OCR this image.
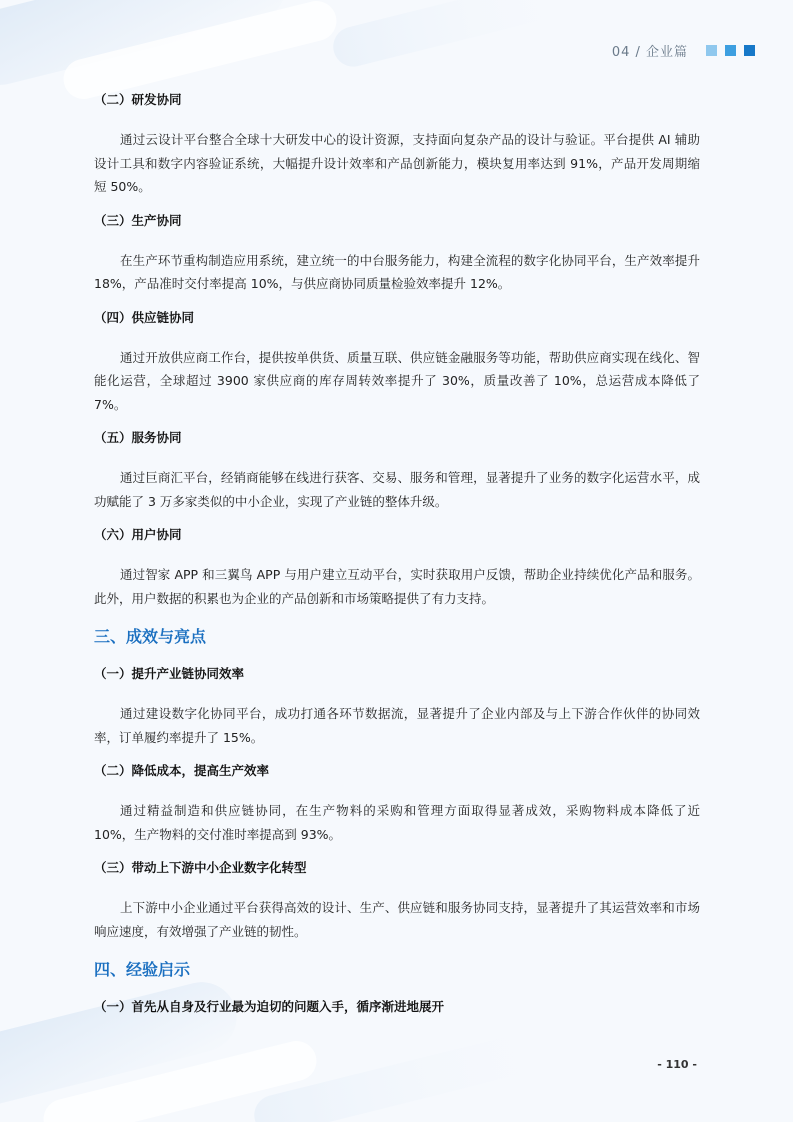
04 / 企业篇

（二）研发协同

通过云设计平台整合全球十大研发中心的设计资源，支持面向复杂产品的设计与验证。平台提供 AI 辅助设计工具和数字内容验证系统，大幅提升设计效率和产品创新能力，模块复用率达到 91%，产品开发周期缩短 50%。

（三）生产协同

在生产环节重构制造应用系统，建立统一的中台服务能力，构建全流程的数字化协同平台，生产效率提升 18%，产品准时交付率提高 10%，与供应商协同质量检验效率提升 12%。

（四）供应链协同

通过开放供应商工作台，提供按单供货、质量互联、供应链金融服务等功能，帮助供应商实现在线化、智能化运营，全球超过 3900 家供应商的库存周转效率提升了 30%，质量改善了 10%，总运营成本降低了 7%。

（五）服务协同

通过巨商汇平台，经销商能够在线进行获客、交易、服务和管理，显著提升了业务的数字化运营水平，成功赋能了 3 万多家类似的中小企业，实现了产业链的整体升级。

（六）用户协同

通过智家 APP 和三翼鸟 APP 与用户建立互动平台，实时获取用户反馈，帮助企业持续优化产品和服务。此外，用户数据的积累也为企业的产品创新和市场策略提供了有力支持。

三、成效与亮点

（一）提升产业链协同效率

通过建设数字化协同平台，成功打通各环节数据流，显著提升了企业内部及与上下游合作伙伴的协同效率，订单履约率提升了 15%。

（二）降低成本，提高生产效率

通过精益制造和供应链协同，在生产物料的采购和管理方面取得显著成效，采购物料成本降低了近 10%，生产物料的交付准时率提高到 93%。

（三）带动上下游中小企业数字化转型

上下游中小企业通过平台获得高效的设计、生产、供应链和服务协同支持，显著提升了其运营效率和市场响应速度，有效增强了产业链的韧性。

四、经验启示

（一）首先从自身及行业最为迫切的问题入手，循序渐进地展开

- 110 -
